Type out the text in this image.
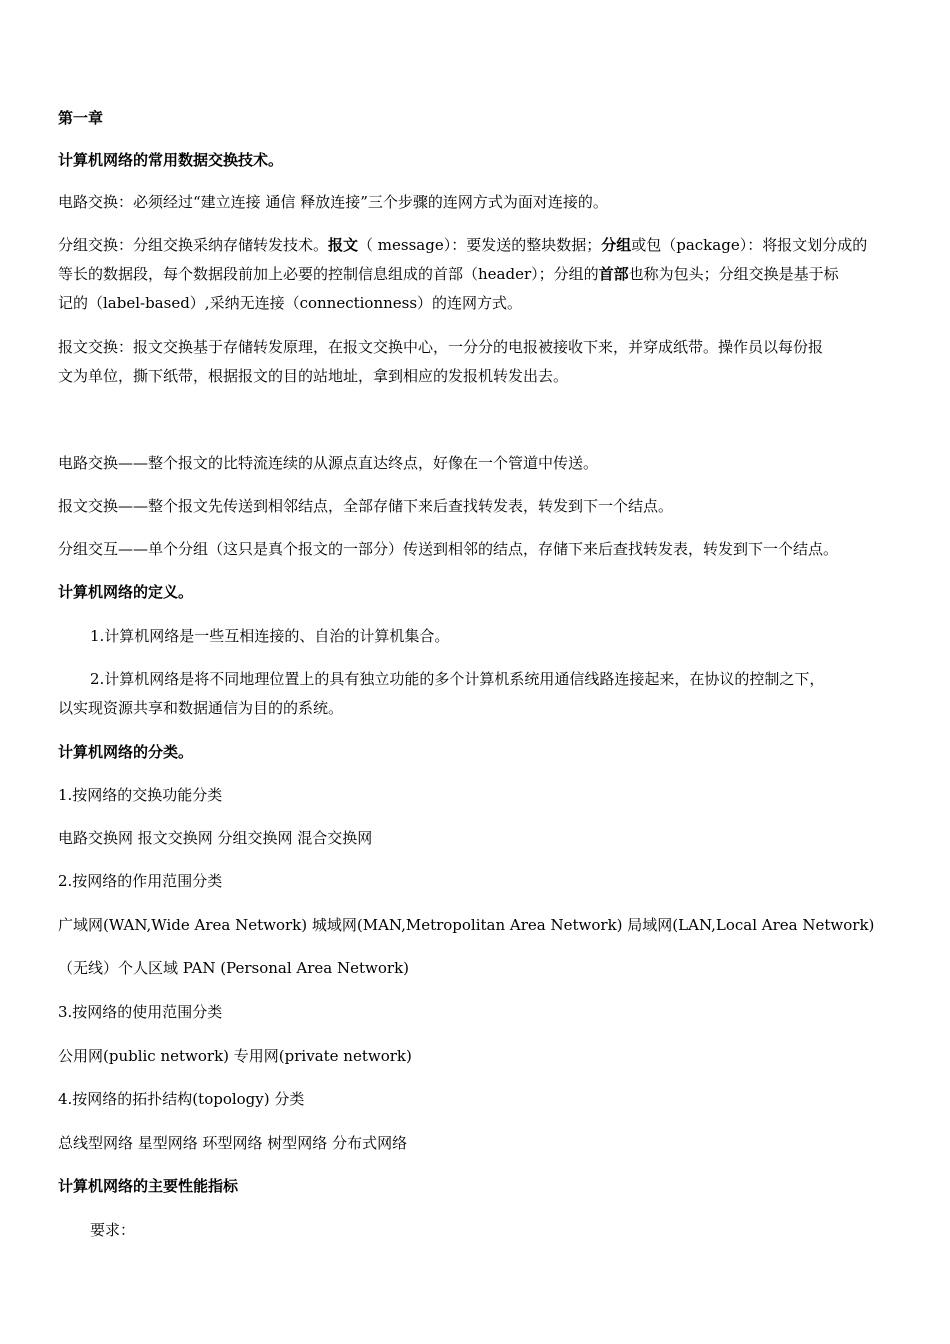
第一章
计算机网络的常用数据交换技术。
电路交换：必须经过“建立连接 通信 释放连接”三个步骤的连网方式为面对连接的。
分组交换：分组交换采纳存储转发技术。报文（ message）：要发送的整块数据；分组或包（package）：将报文划分成的
等长的数据段，每个数据段前加上必要的控制信息组成的首部（header）；分组的首部也称为包头；分组交换是基于标
记的（label-based）,采纳无连接（connectionness）的连网方式。
报文交换：报文交换基于存储转发原理，在报文交换中心，一分分的电报被接收下来，并穿成纸带。操作员以每份报
文为单位，撕下纸带，根据报文的目的站地址，拿到相应的发报机转发出去。
电路交换——整个报文的比特流连续的从源点直达终点，好像在一个管道中传送。
报文交换——整个报文先传送到相邻结点，全部存储下来后查找转发表，转发到下一个结点。
分组交互——单个分组（这只是真个报文的一部分）传送到相邻的结点，存储下来后查找转发表，转发到下一个结点。
计算机网络的定义。
1.计算机网络是一些互相连接的、自治的计算机集合。
2.计算机网络是将不同地理位置上的具有独立功能的多个计算机系统用通信线路连接起来，在协议的控制之下，
以实现资源共享和数据通信为目的的系统。
计算机网络的分类。
1.按网络的交换功能分类
电路交换网 报文交换网 分组交换网 混合交换网
2.按网络的作用范围分类
广域网(WAN,Wide Area Network) 城域网(MAN,Metropolitan Area Network) 局域网(LAN,Local Area Network)
（无线）个人区域 PAN (Personal Area Network)
3.按网络的使用范围分类
公用网(public network) 专用网(private network)
4.按网络的拓扑结构(topology) 分类
总线型网络 星型网络 环型网络 树型网络 分布式网络
计算机网络的主要性能指标
要求：
